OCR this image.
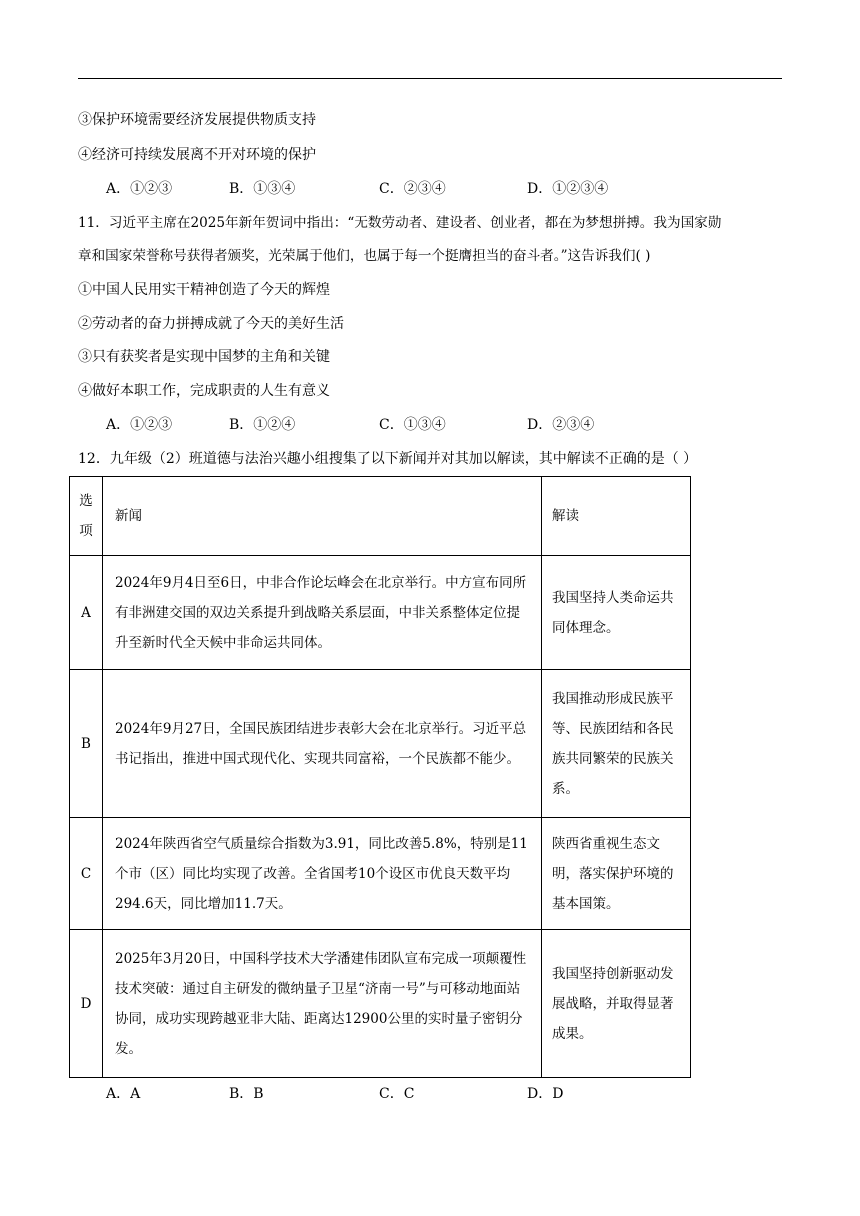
③保护环境需要经济发展提供物质支持
④经济可持续发展离不开对环境的保护
A．①②③	B．①③④	C．②③④	D．①②③④
11．习近平主席在2025年新年贺词中指出：“无数劳动者、建设者、创业者，都在为梦想拼搏。我为国家勋
章和国家荣誉称号获得者颁奖，光荣属于他们，也属于每一个挺膺担当的奋斗者。”这告诉我们( )
①中国人民用实干精神创造了今天的辉煌
②劳动者的奋力拼搏成就了今天的美好生活
③只有获奖者是实现中国梦的主角和关键
④做好本职工作，完成职责的人生有意义
A．①②③	B．①②④	C．①③④	D．②③④
12．九年级（2）班道德与法治兴趣小组搜集了以下新闻并对其加以解读，其中解读不正确的是（ ）
选
项	新闻	解读
A	2024年9月4日至6日，中非合作论坛峰会在北京举行。中方宣布同所有非洲建交国的双边关系提升到战略关系层面，中非关系整体定位提升至新时代全天候中非命运共同体。	我国坚持人类命运共同体理念。
B	2024年9月27日，全国民族团结进步表彰大会在北京举行。习近平总书记指出，推进中国式现代化、实现共同富裕，一个民族都不能少。	我国推动形成民族平等、民族团结和各民族共同繁荣的民族关系。
C	2024年陕西省空气质量综合指数为3.91，同比改善5.8%，特别是11个市（区）同比均实现了改善。全省国考10个设区市优良天数平均294.6天，同比增加11.7天。	陕西省重视生态文明，落实保护环境的基本国策。
D	2025年3月20日，中国科学技术大学潘建伟团队宣布完成一项颠覆性技术突破：通过自主研发的微纳量子卫星“济南一号”与可移动地面站协同，成功实现跨越亚非大陆、距离达12900公里的实时量子密钥分发。	我国坚持创新驱动发展战略，并取得显著成果。
A．A	B．B	C．C	D．D
